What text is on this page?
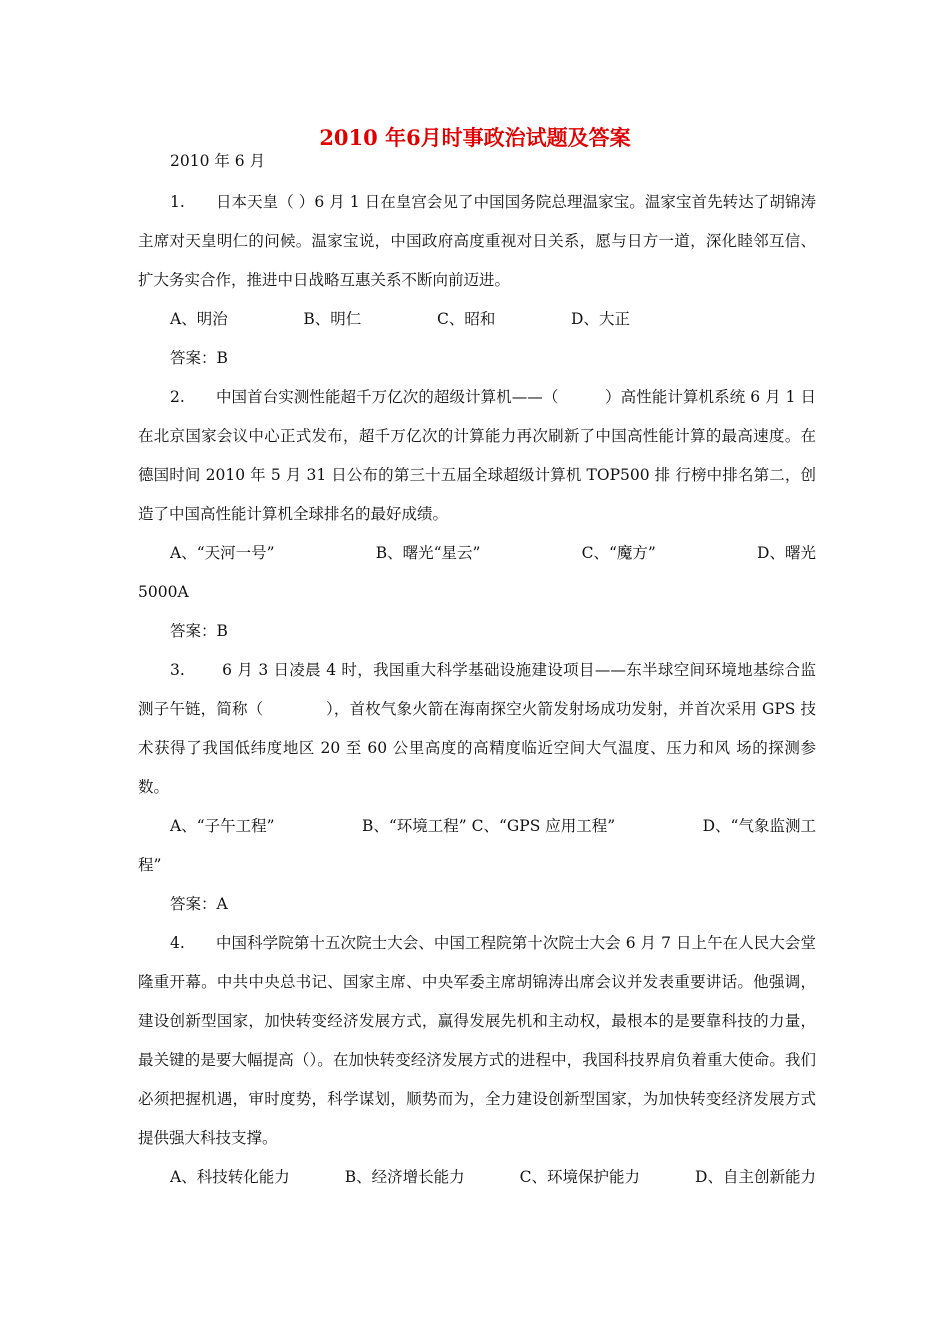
2010 年6月时事政治试题及答案

2010 年 6 月

1.　　日本天皇（ ）6 月 1 日在皇宫会见了中国国务院总理温家宝。温家宝首先转达了胡锦涛主席对天皇明仁的问候。温家宝说，中国政府高度重视对日关系，愿与日方一道，深化睦邻互信、扩大务实合作，推进中日战略互惠关系不断向前迈进。

A、明治	B、明仁	C、昭和	D、大正

答案：B

2.　　中国首台实测性能超千万亿次的超级计算机——（　　　）高性能计算机系统 6 月 1 日在北京国家会议中心正式发布，超千万亿次的计算能力再次刷新了中国高性能计算的最高速度。在德国时间 2010 年 5 月 31 日公布的第三十五届全球超级计算机 TOP500 排 行榜中排名第二，创造了中国高性能计算机全球排名的最好成绩。

A、“天河一号”	B、曙光“星云”	C、“魔方”	D、曙光

5000A

答案：B

3.　　 6 月 3 日凌晨 4 时，我国重大科学基础设施建设项目——东半球空间环境地基综合监测子午链，简称（　　　　），首枚气象火箭在海南探空火箭发射场成功发射，并首次采用 GPS 技术获得了我国低纬度地区 20 至 60 公里高度的高精度临近空间大气温度、压力和风 场的探测参数。

A、“子午工程”	B、“环境工程” C、“GPS 应用工程”	D、“气象监测工

程”

答案：A

4.　　中国科学院第十五次院士大会、中国工程院第十次院士大会 6 月 7 日上午在人民大会堂隆重开幕。中共中央总书记、国家主席、中央军委主席胡锦涛出席会议并发表重要讲话。他强调，建设创新型国家，加快转变经济发展方式，赢得发展先机和主动权，最根本的是要靠科技的力量，最关键的是要大幅提高（）。在加快转变经济发展方式的进程中，我国科技界肩负着重大使命。我们必须把握机遇，审时度势，科学谋划，顺势而为，全力建设创新型国家，为加快转变经济发展方式提供强大科技支撑。

A、科技转化能力	B、经济增长能力	C、环境保护能力	D、自主创新能力
